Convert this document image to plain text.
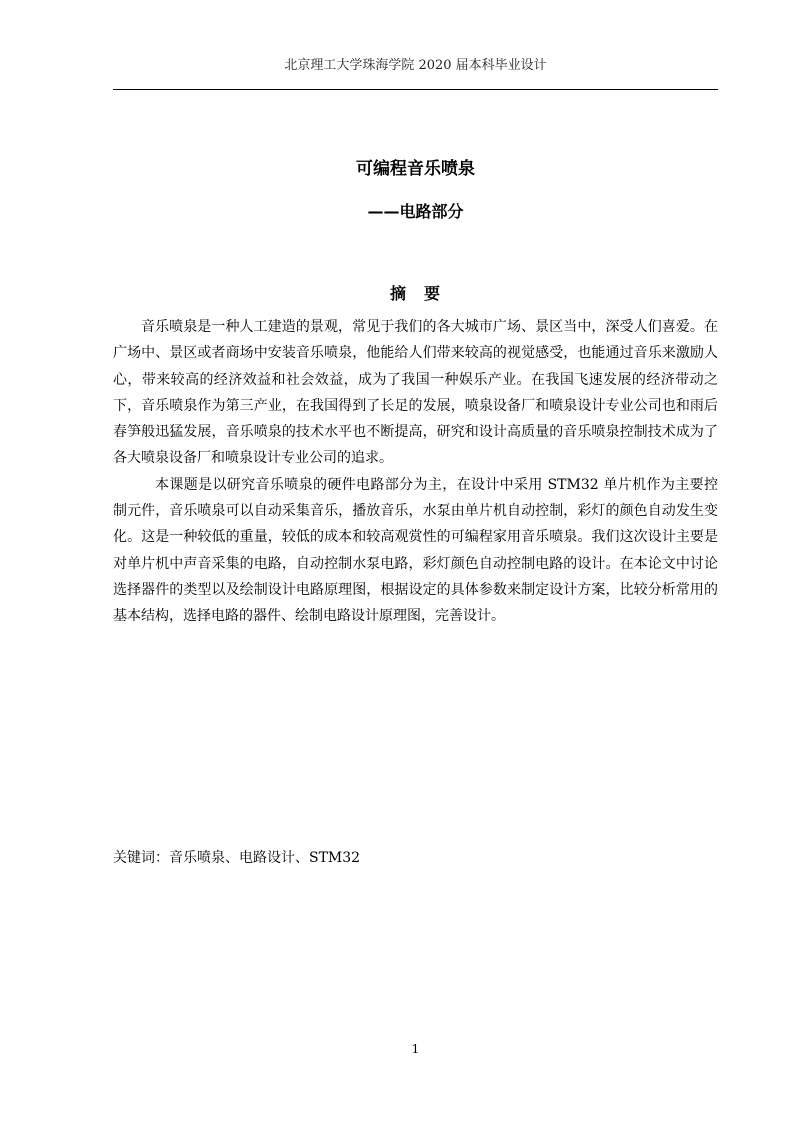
北京理工大学珠海学院 2020 届本科毕业设计
可编程音乐喷泉
——电路部分
摘　要

音乐喷泉是一种人工建造的景观，常见于我们的各大城市广场、景区当中，深受人们喜爱。在广场中、景区或者商场中安装音乐喷泉，他能给人们带来较高的视觉感受，也能通过音乐来激励人心，带来较高的经济效益和社会效益，成为了我国一种娱乐产业。在我国飞速发展的经济带动之下，音乐喷泉作为第三产业，在我国得到了长足的发展，喷泉设备厂和喷泉设计专业公司也和雨后春笋般迅猛发展，音乐喷泉的技术水平也不断提高，研究和设计高质量的音乐喷泉控制技术成为了各大喷泉设备厂和喷泉设计专业公司的追求。

本课题是以研究音乐喷泉的硬件电路部分为主，在设计中采用 STM32 单片机作为主要控制元件，音乐喷泉可以自动采集音乐，播放音乐，水泵由单片机自动控制，彩灯的颜色自动发生变化。这是一种较低的重量，较低的成本和较高观赏性的可编程家用音乐喷泉。我们这次设计主要是对单片机中声音采集的电路，自动控制水泵电路，彩灯颜色自动控制电路的设计。在本论文中讨论选择器件的类型以及绘制设计电路原理图，根据设定的具体参数来制定设计方案，比较分析常用的基本结构，选择电路的器件、绘制电路设计原理图，完善设计。

关键词：音乐喷泉、电路设计、STM32
1
